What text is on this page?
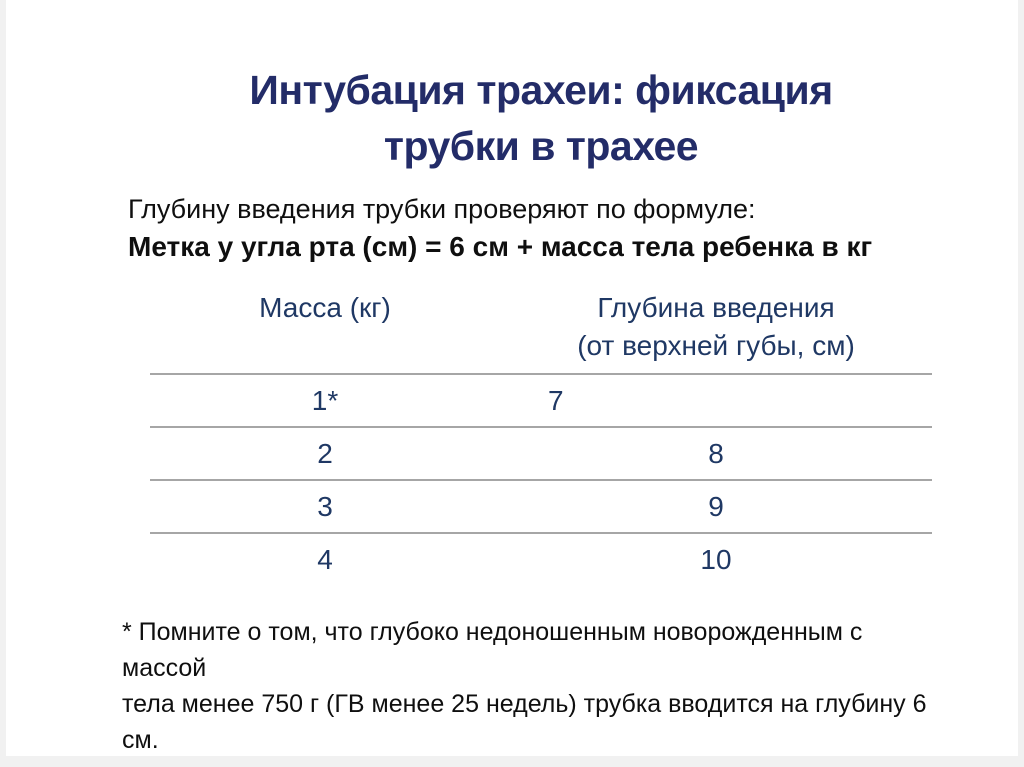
Интубация трахеи: фиксация
трубки в трахее
Глубину введения трубки проверяют по формуле:
Метка у угла рта (см) = 6 см + масса тела ребенка в кг
Масса (кг)	Глубина введения
(от верхней губы, см)
1*	7
2	8
3	9
4	10
* Помните о том, что глубоко недоношенным новорожденным с массой
тела менее 750 г (ГВ менее 25 недель) трубка вводится на глубину 6
см.
